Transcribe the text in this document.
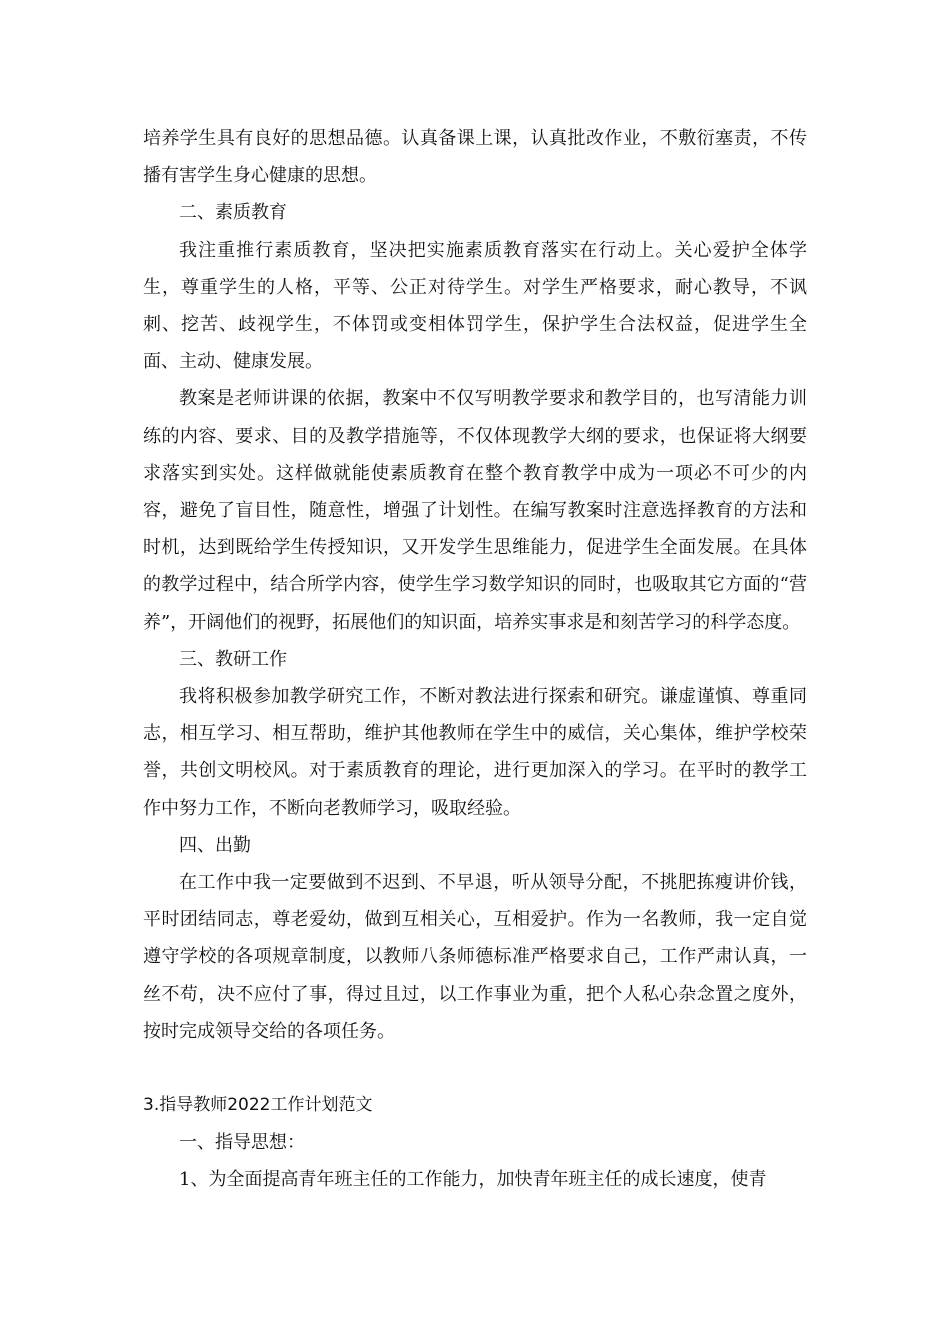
培养学生具有良好的思想品德。认真备课上课，认真批改作业，不敷衍塞责，不传播有害学生身心健康的思想。

二、素质教育

我注重推行素质教育，坚决把实施素质教育落实在行动上。关心爱护全体学生，尊重学生的人格，平等、公正对待学生。对学生严格要求，耐心教导，不讽刺、挖苦、歧视学生，不体罚或变相体罚学生，保护学生合法权益，促进学生全面、主动、健康发展。

教案是老师讲课的依据，教案中不仅写明教学要求和教学目的，也写清能力训练的内容、要求、目的及教学措施等，不仅体现教学大纲的要求，也保证将大纲要求落实到实处。这样做就能使素质教育在整个教育教学中成为一项必不可少的内容，避免了盲目性，随意性，增强了计划性。在编写教案时注意选择教育的方法和时机，达到既给学生传授知识，又开发学生思维能力，促进学生全面发展。在具体的教学过程中，结合所学内容，使学生学习数学知识的同时，也吸取其它方面的“营养”，开阔他们的视野，拓展他们的知识面，培养实事求是和刻苦学习的科学态度。

三、教研工作

我将积极参加教学研究工作，不断对教法进行探索和研究。谦虚谨慎、尊重同志，相互学习、相互帮助，维护其他教师在学生中的威信，关心集体，维护学校荣誉，共创文明校风。对于素质教育的理论，进行更加深入的学习。在平时的教学工作中努力工作，不断向老教师学习，吸取经验。

四、出勤

在工作中我一定要做到不迟到、不早退，听从领导分配，不挑肥拣瘦讲价钱，平时团结同志，尊老爱幼，做到互相关心，互相爱护。作为一名教师，我一定自觉遵守学校的各项规章制度，以教师八条师德标准严格要求自己，工作严肃认真，一丝不苟，决不应付了事，得过且过，以工作事业为重，把个人私心杂念置之度外，按时完成领导交给的各项任务。

3.指导教师2022工作计划范文

一、指导思想：

1、为全面提高青年班主任的工作能力，加快青年班主任的成长速度，使青
